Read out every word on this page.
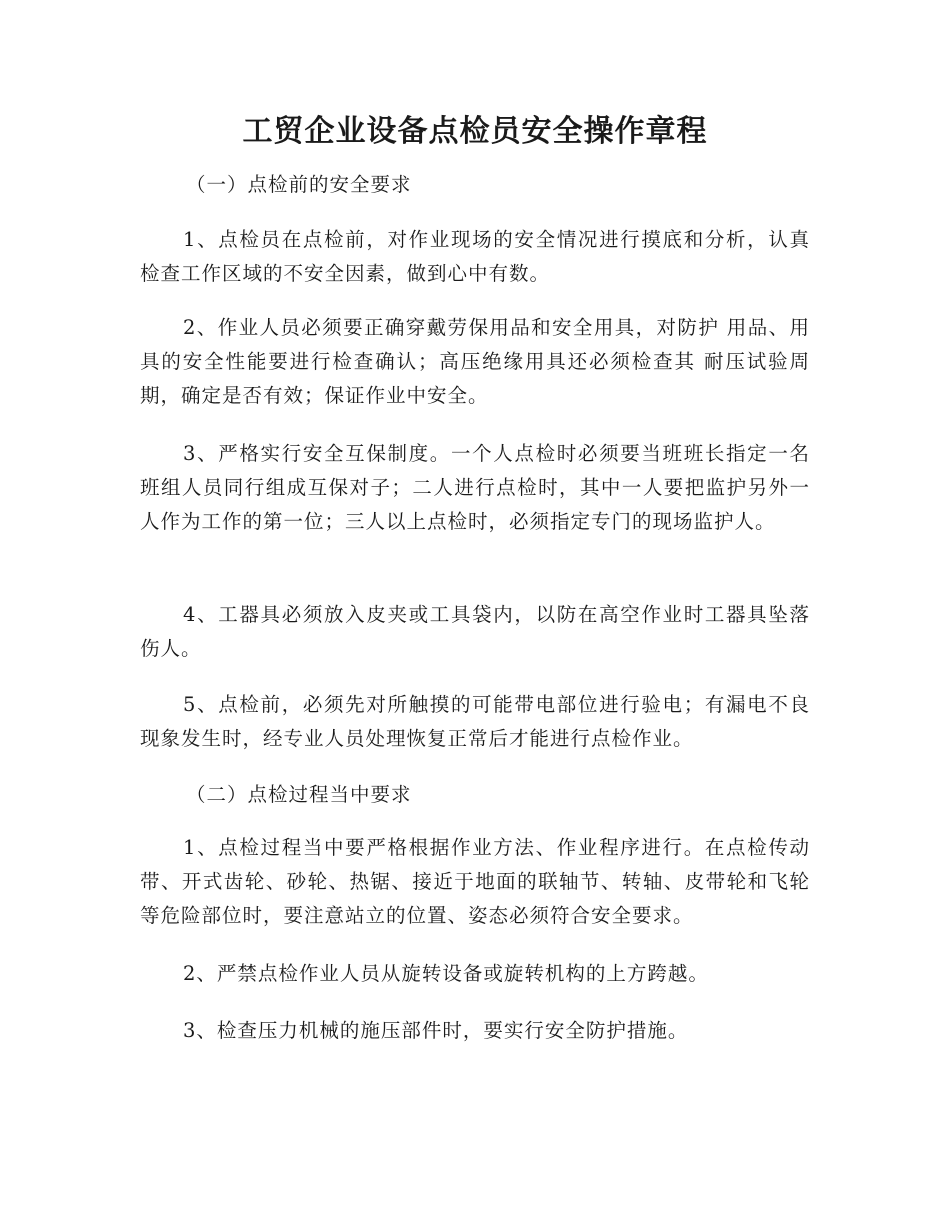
工贸企业设备点检员安全操作章程

（一）点检前的安全要求

1、点检员在点检前，对作业现场的安全情况进行摸底和分析，认真检查工作区域的不安全因素，做到心中有数。

2、作业人员必须要正确穿戴劳保用品和安全用具，对防护 用品、用具的安全性能要进行检查确认；高压绝缘用具还必须检查其 耐压试验周期，确定是否有效；保证作业中安全。

3、严格实行安全互保制度。一个人点检时必须要当班班长指定一名班组人员同行组成互保对子；二人进行点检时，其中一人要把监护另外一人作为工作的第一位；三人以上点检时，必须指定专门的现场监护人。

4、工器具必须放入皮夹或工具袋内，以防在高空作业时工器具坠落伤人。

5、点检前，必须先对所触摸的可能带电部位进行验电；有漏电不良现象发生时，经专业人员处理恢复正常后才能进行点检作业。

（二）点检过程当中要求

1、点检过程当中要严格根据作业方法、作业程序进行。在点检传动带、开式齿轮、砂轮、热锯、接近于地面的联轴节、转轴、皮带轮和飞轮等危险部位时，要注意站立的位置、姿态必须符合安全要求。

2、严禁点检作业人员从旋转设备或旋转机构的上方跨越。

3、检查压力机械的施压部件时，要实行安全防护措施。
